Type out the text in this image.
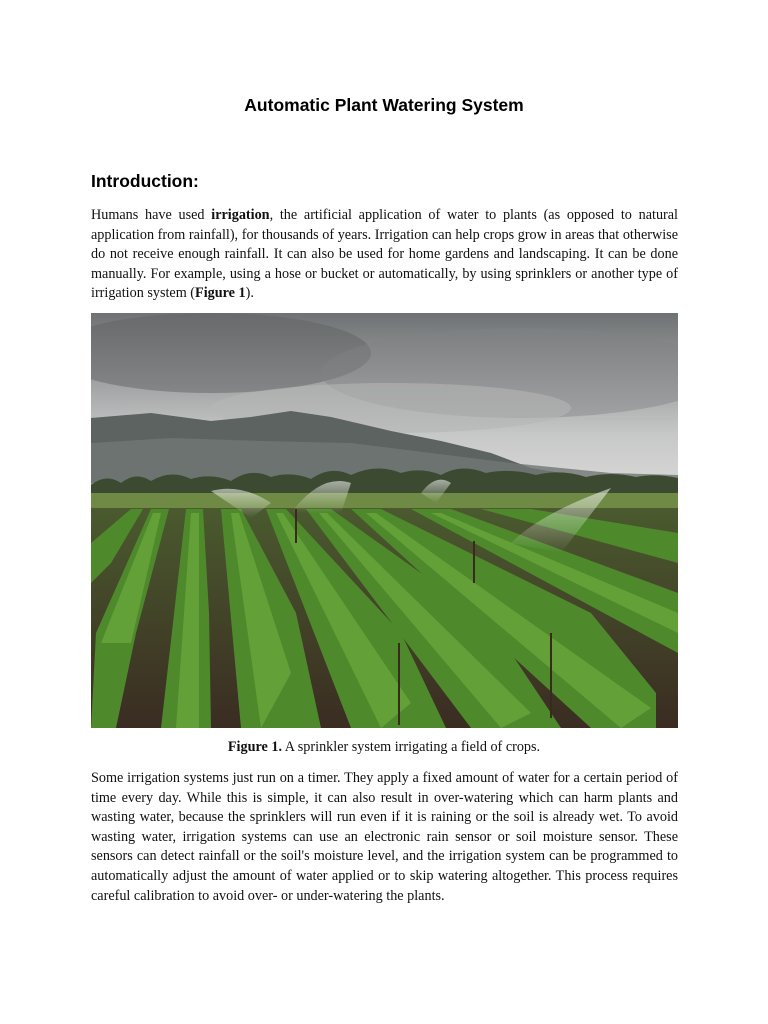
Automatic Plant Watering System
Introduction:

Humans have used irrigation, the artificial application of water to plants (as opposed to natural application from rainfall), for thousands of years. Irrigation can help crops grow in areas that otherwise do not receive enough rainfall. It can also be used for home gardens and landscaping. It can be done manually. For example, using a hose or bucket or automatically, by using sprinklers or another type of irrigation system (Figure 1).

Figure 1. A sprinkler system irrigating a field of crops.

Some irrigation systems just run on a timer. They apply a fixed amount of water for a certain period of time every day. While this is simple, it can also result in over-watering which can harm plants and wasting water, because the sprinklers will run even if it is raining or the soil is already wet. To avoid wasting water, irrigation systems can use an electronic rain sensor or soil moisture sensor. These sensors can detect rainfall or the soil's moisture level, and the irrigation system can be programmed to automatically adjust the amount of water applied or to skip watering altogether. This process requires careful calibration to avoid over- or under-watering the plants.
